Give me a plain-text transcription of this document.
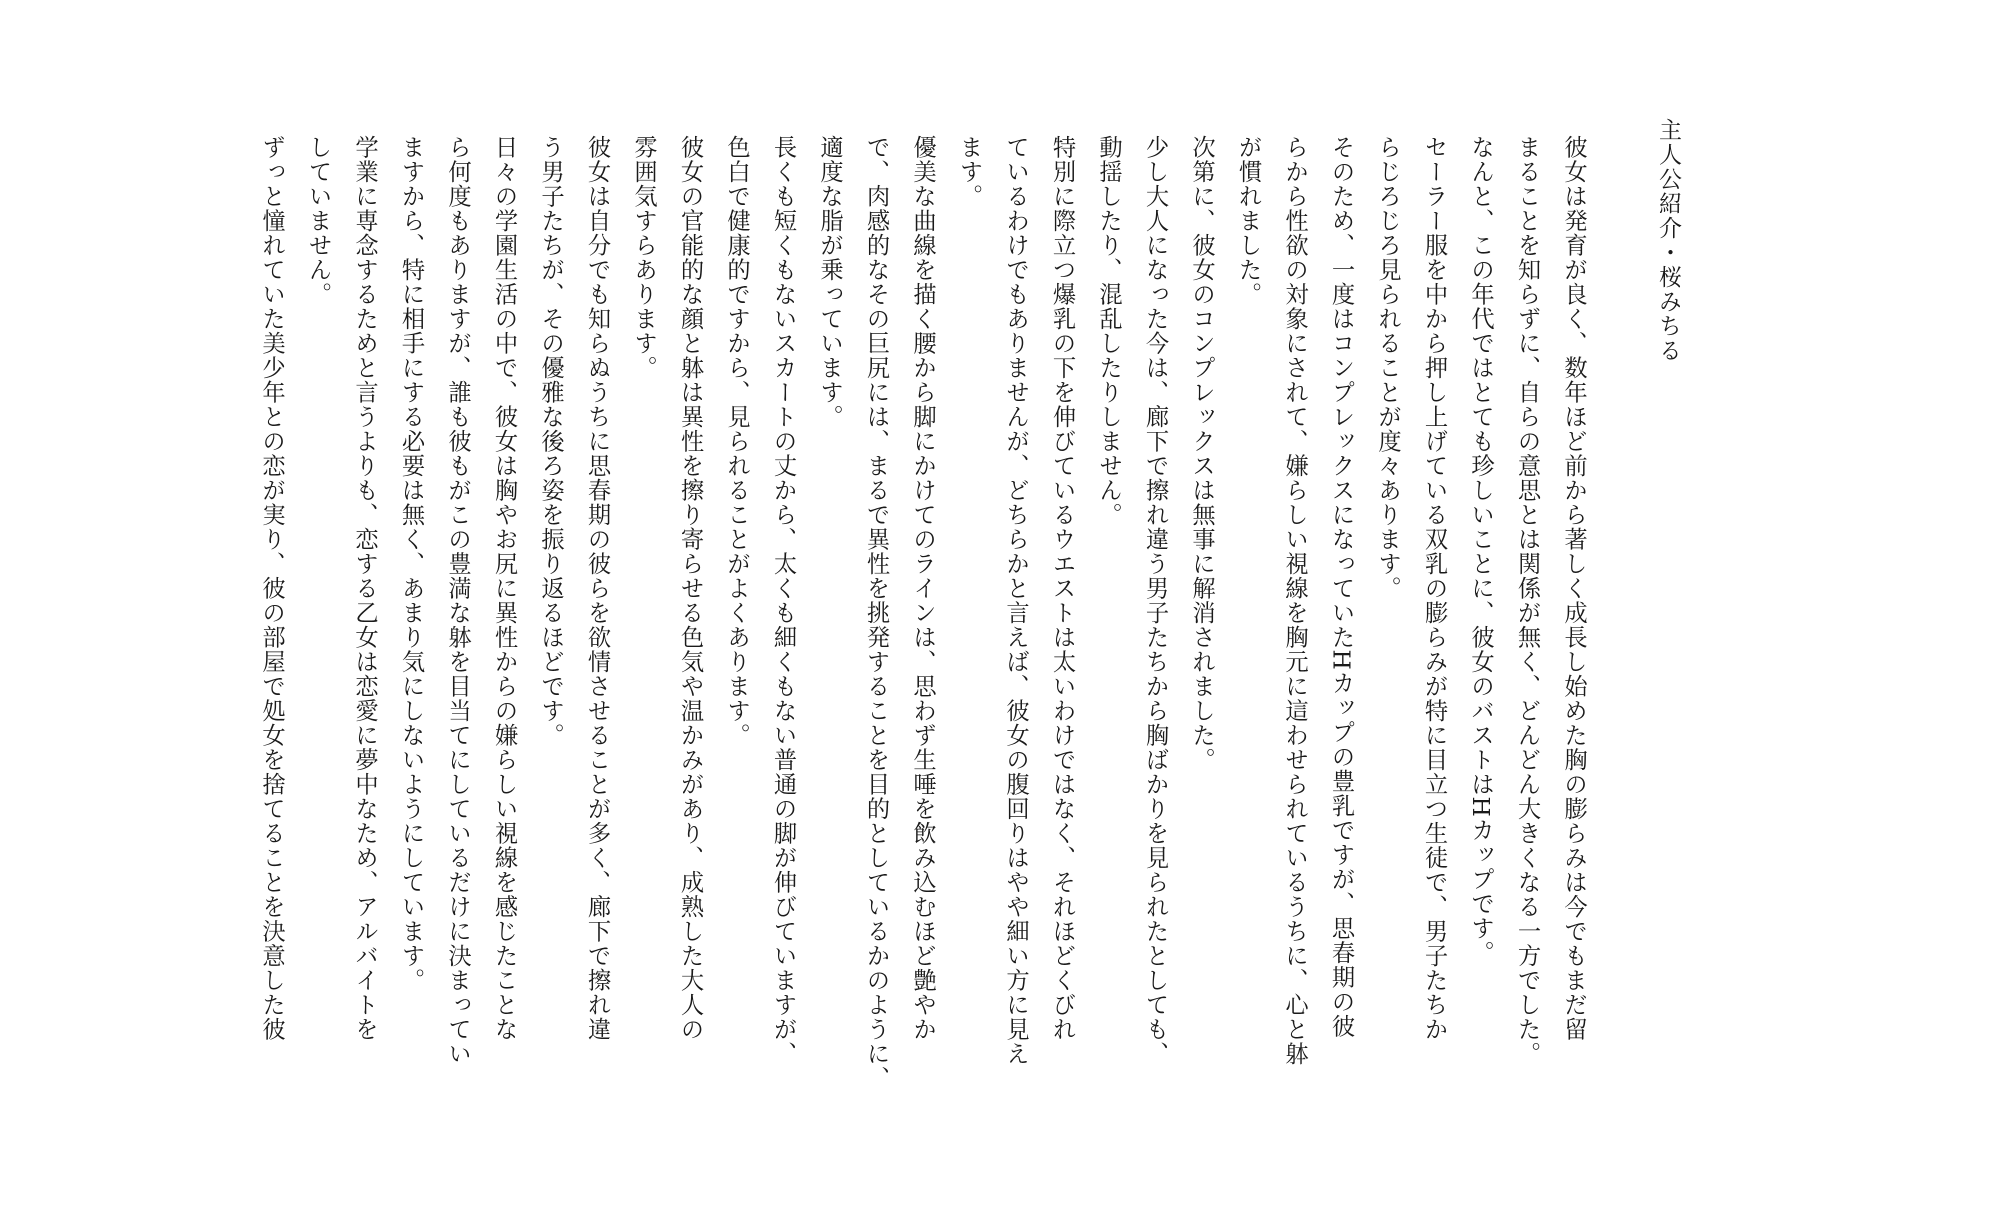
主人公紹介・桜みちる

彼女は発育が良く、数年ほど前から著しく成長し始めた胸の膨らみは今でもまだ留

まることを知らずに、自らの意思とは関係が無く、どんどん大きくなる一方でした。

なんと、この年代ではとても珍しいことに、彼女のバストはHカップです。

セーラー服を中から押し上げている双乳の膨らみが特に目立つ生徒で、男子たちか

らじろじろ見られることが度々あります。

そのため、一度はコンプレックスになっていたHカップの豊乳ですが、思春期の彼

らから性欲の対象にされて、嫌らしい視線を胸元に這わせられているうちに、心と躰

が慣れました。

次第に、彼女のコンプレックスは無事に解消されました。

少し大人になった今は、廊下で擦れ違う男子たちから胸ばかりを見られたとしても、

動揺したり、混乱したりしません。

特別に際立つ爆乳の下を伸びているウエストは太いわけではなく、それほどくびれ

ているわけでもありませんが、どちらかと言えば、彼女の腹回りはやや細い方に見え

ます。

優美な曲線を描く腰から脚にかけてのラインは、思わず生唾を飲み込むほど艶やか

で、肉感的なその巨尻には、まるで異性を挑発することを目的としているかのように、

適度な脂が乗っています。

長くも短くもないスカートの丈から、太くも細くもない普通の脚が伸びていますが、

色白で健康的ですから、見られることがよくあります。

彼女の官能的な顔と躰は異性を擦り寄らせる色気や温かみがあり、成熟した大人の

雰囲気すらあります。

彼女は自分でも知らぬうちに思春期の彼らを欲情させることが多く、廊下で擦れ違

う男子たちが、その優雅な後ろ姿を振り返るほどです。

日々の学園生活の中で、彼女は胸やお尻に異性からの嫌らしい視線を感じたことな

ら何度もありますが、誰も彼もがこの豊満な躰を目当てにしているだけに決まってい

ますから、特に相手にする必要は無く、あまり気にしないようにしています。

学業に専念するためと言うよりも、恋する乙女は恋愛に夢中なため、アルバイトを

していません。

ずっと憧れていた美少年との恋が実り、彼の部屋で処女を捨てることを決意した彼
